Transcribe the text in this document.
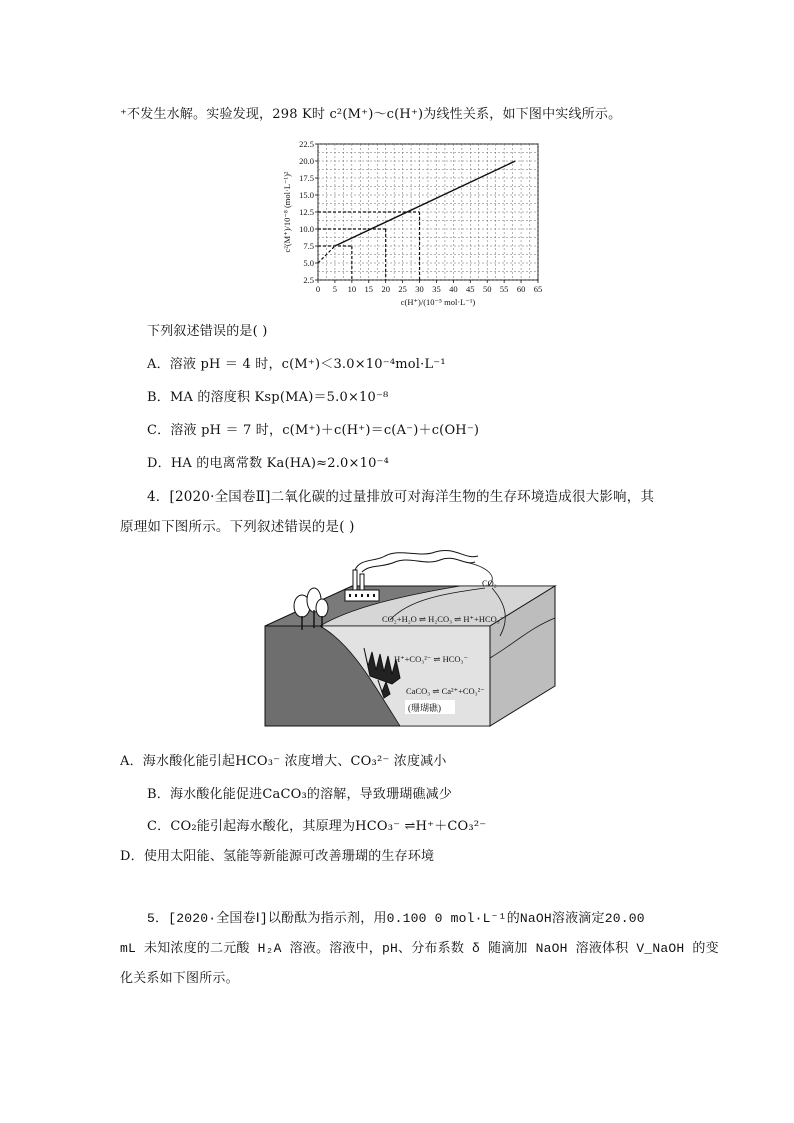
⁺不发生水解。实验发现，298 K时 c²(M⁺)～c(H⁺)为线性关系，如下图中实线所示。
0 5 10 15 20 25 30 35 40 45 50 55 60 65
2.5
5.0
7.5
10.0
12.5
15.0
17.5
20.0
22.5
c(H⁺)/(10⁻⁵ mol·L⁻¹)
c²(M⁺)/10⁻⁸ (mol·L⁻¹)²
下列叙述错误的是( )
A．溶液 pH ＝ 4 时，c(M⁺)＜3.0×10⁻⁴mol·L⁻¹
B．MA 的溶度积 Ksp(MA)＝5.0×10⁻⁸
C．溶液 pH ＝ 7 时，c(M⁺)＋c(H⁺)＝c(A⁻)＋c(OH⁻)
D．HA 的电离常数 Ka(HA)≈2.0×10⁻⁴
4．[2020·全国卷Ⅱ]二氧化碳的过量排放可对海洋生物的生存环境造成很大影响，其
原理如下图所示。下列叙述错误的是( )
CO₂
CO₂+H₂O ⇌ H₂CO₃ ⇌ H⁺+HCO₃⁻
H⁺+CO₃²⁻ ⇌ HCO₃⁻
CaCO₃ ⇌ Ca²⁺+CO₃²⁻
(珊瑚礁)
A．海水酸化能引起HCO₃⁻ 浓度增大、CO₃²⁻ 浓度减小
B．海水酸化能促进CaCO₃的溶解，导致珊瑚礁减少
C．CO₂能引起海水酸化，其原理为HCO₃⁻ ⇌H⁺＋CO₃²⁻
D．使用太阳能、氢能等新能源可改善珊瑚的生存环境
5．[2020·全国卷Ⅰ]以酚酞为指示剂，用0.100 0 mol·L⁻¹的NaOH溶液滴定20.00
mL 未知浓度的二元酸 H₂A 溶液。溶液中，pH、分布系数 δ 随滴加 NaOH 溶液体积 V_NaOH 的变
化关系如下图所示。
